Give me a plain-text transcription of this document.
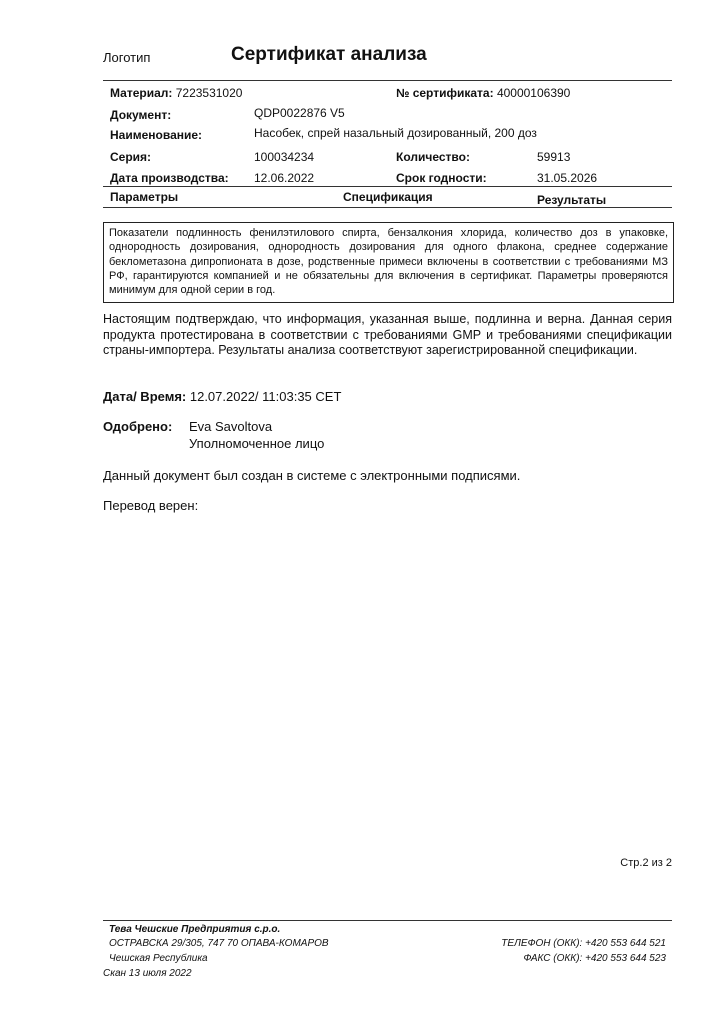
Логотип	Сертификат анализа
Материал: 7223531020	№ сертификата: 40000106390
Документ:	QDP0022876 V5
Наименование:	Насобек, спрей назальный дозированный, 200 доз
Серия:	100034234	Количество:	59913
Дата производства: 12.06.2022	Срок годности:	31.05.2026
Параметры	Спецификация	Результаты
Показатели подлинность фенилэтилового спирта, бензалкония хлорида, количество доз в упаковке, однородность дозирования, однородность дозирования для одного флакона, среднее содержание беклометазона дипропионата в дозе, родственные примеси включены в соответствии с требованиями МЗ РФ, гарантируются компанией и не обязательны для включения в сертификат. Параметры проверяются минимум для одной серии в год.
Настоящим подтверждаю, что информация, указанная выше, подлинна и верна. Данная серия продукта протестирована в соответствии с требованиями GMP и требованиями спецификации страны-импортера. Результаты анализа соответствуют зарегистрированной спецификации.
Дата/ Время: 12.07.2022/ 11:03:35 CET
Одобрено: Eva Savoltova
Уполномоченное лицо
Данный документ был создан в системе с электронными подписями.
Перевод верен:
Стр.2 из 2
Тева Чешские Предприятия с.р.о.
ОСТРАВСКА 29/305, 747 70 ОПАВА-КОМАРОВ
Чешская Республика
Скан 13 июля 2022
ТЕЛЕФОН (ОКК): +420 553 644 521
ФАКС (ОКК): +420 553 644 523
